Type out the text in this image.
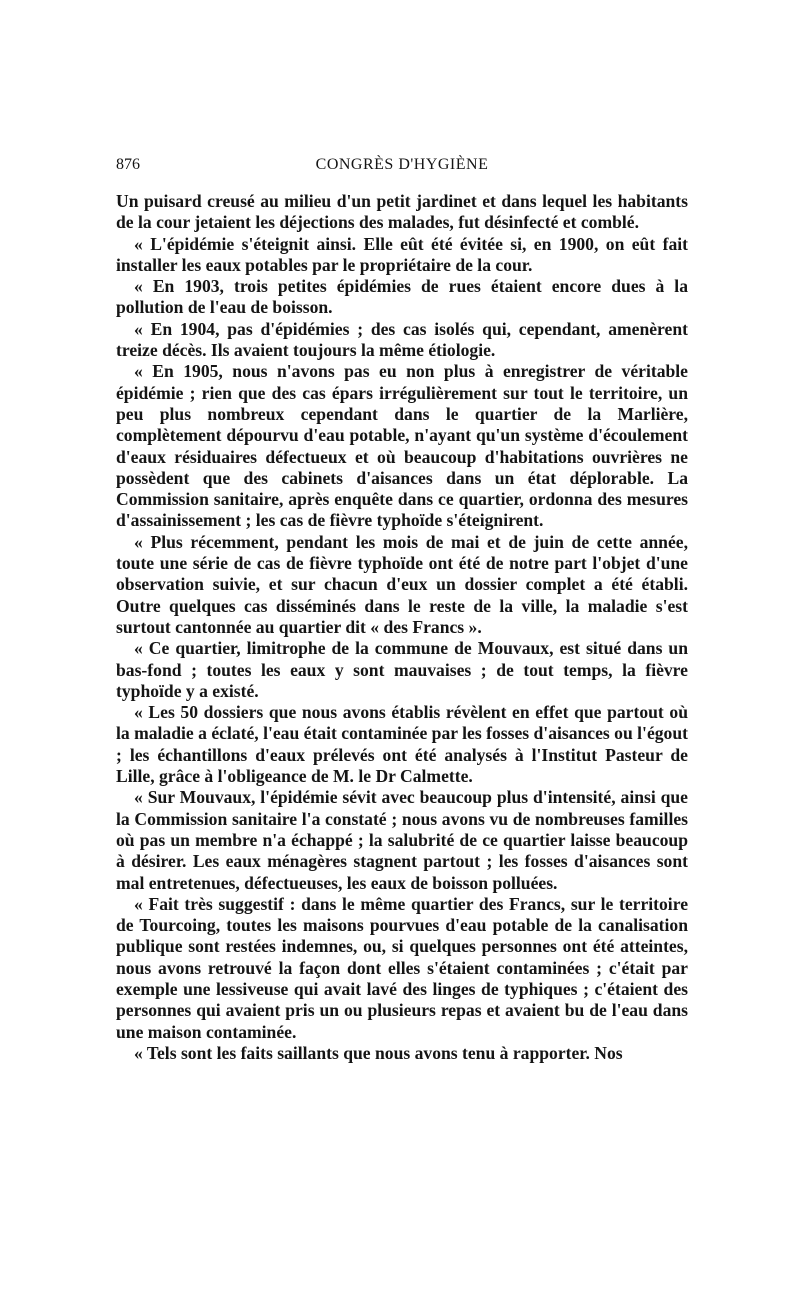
876	CONGRÈS D'HYGIÈNE

Un puisard creusé au milieu d'un petit jardinet et dans lequel les habitants de la cour jetaient les déjections des malades, fut désinfecté et comblé.

« L'épidémie s'éteignit ainsi. Elle eût été évitée si, en 1900, on eût fait installer les eaux potables par le propriétaire de la cour.

« En 1903, trois petites épidémies de rues étaient encore dues à la pollution de l'eau de boisson.

« En 1904, pas d'épidémies ; des cas isolés qui, cependant, amenèrent treize décès. Ils avaient toujours la même étiologie.

« En 1905, nous n'avons pas eu non plus à enregistrer de véritable épidémie ; rien que des cas épars irrégulièrement sur tout le territoire, un peu plus nombreux cependant dans le quartier de la Marlière, complètement dépourvu d'eau potable, n'ayant qu'un système d'écoulement d'eaux résiduaires défectueux et où beaucoup d'habitations ouvrières ne possèdent que des cabinets d'aisances dans un état déplorable. La Commission sanitaire, après enquête dans ce quartier, ordonna des mesures d'assainissement ; les cas de fièvre typhoïde s'éteignirent.

« Plus récemment, pendant les mois de mai et de juin de cette année, toute une série de cas de fièvre typhoïde ont été de notre part l'objet d'une observation suivie, et sur chacun d'eux un dossier complet a été établi. Outre quelques cas disséminés dans le reste de la ville, la maladie s'est surtout cantonnée au quartier dit « des Francs ».

« Ce quartier, limitrophe de la commune de Mouvaux, est situé dans un bas-fond ; toutes les eaux y sont mauvaises ; de tout temps, la fièvre typhoïde y a existé.

« Les 50 dossiers que nous avons établis révèlent en effet que partout où la maladie a éclaté, l'eau était contaminée par les fosses d'aisances ou l'égout ; les échantillons d'eaux prélevés ont été analysés à l'Institut Pasteur de Lille, grâce à l'obligeance de M. le Dr Calmette.

« Sur Mouvaux, l'épidémie sévit avec beaucoup plus d'intensité, ainsi que la Commission sanitaire l'a constaté ; nous avons vu de nombreuses familles où pas un membre n'a échappé ; la salubrité de ce quartier laisse beaucoup à désirer. Les eaux ménagères stagnent partout ; les fosses d'aisances sont mal entretenues, défectueuses, les eaux de boisson polluées.

« Fait très suggestif : dans le même quartier des Francs, sur le territoire de Tourcoing, toutes les maisons pourvues d'eau potable de la canalisation publique sont restées indemnes, ou, si quelques personnes ont été atteintes, nous avons retrouvé la façon dont elles s'étaient contaminées ; c'était par exemple une lessiveuse qui avait lavé des linges de typhiques ; c'étaient des personnes qui avaient pris un ou plusieurs repas et avaient bu de l'eau dans une maison contaminée.

« Tels sont les faits saillants que nous avons tenu à rapporter. Nos
